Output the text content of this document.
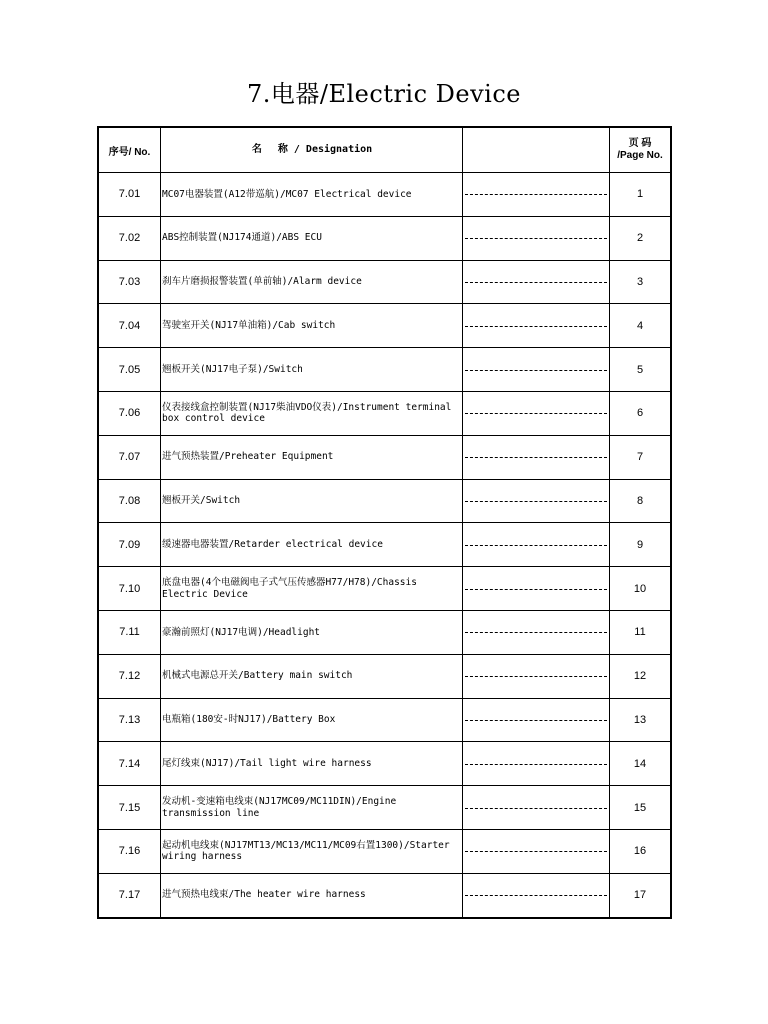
7.电器/Electric Device
序号/ No.	名　 称 / Designation		页 码
/Page No.
7.01	MC07电器装置(A12带巡航)/MC07 Electrical device		1
7.02	ABS控制装置(NJ174通道)/ABS ECU		2
7.03	刹车片磨损报警装置(单前轴)/Alarm device		3
7.04	驾驶室开关(NJ17单油箱)/Cab switch		4
7.05	翘板开关(NJ17电子泵)/Switch		5
7.06	仪表接线盒控制装置(NJ17柴油VDO仪表)/Instrument terminal box control device		6
7.07	进气预热装置/Preheater Equipment		7
7.08	翘板开关/Switch		8
7.09	缓速器电器装置/Retarder electrical device		9
7.10	底盘电器(4个电磁阀电子式气压传感器H77/H78)/Chassis Electric Device		10
7.11	豪瀚前照灯(NJ17电调)/Headlight		11
7.12	机械式电源总开关/Battery main switch		12
7.13	电瓶箱(180安-时NJ17)/Battery Box		13
7.14	尾灯线束(NJ17)/Tail light wire harness		14
7.15	发动机-变速箱电线束(NJ17MC09/MC11DIN)/Engine transmission line		15
7.16	起动机电线束(NJ17MT13/MC13/MC11/MC09右置1300)/Starter wiring harness		16
7.17	进气预热电线束/The heater wire harness		17
